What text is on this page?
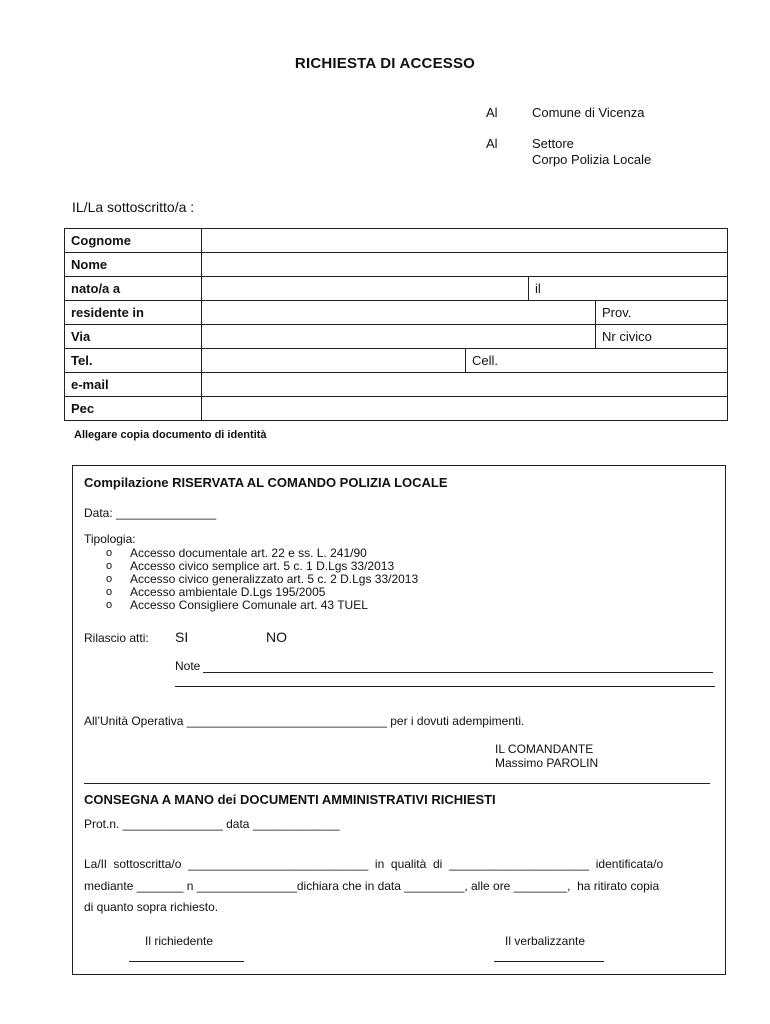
RICHIESTA DI ACCESSO
Al	Comune di Vicenza
Al	Settore
Corpo Polizia Locale
IL/La sottoscritto/a :
Cognome				
Nome				
nato/a a			il	
residente in				Prov.
Via				Nr civico
Tel.		Cell.		
e-mail				
Pec				
Allegare copia documento di identità
Compilazione RISERVATA AL COMANDO POLIZIA LOCALE
Data: _______________
Tipologia:
o Accesso documentale art. 22 e ss. L. 241/90
o Accesso civico semplice art. 5 c. 1 D.Lgs 33/2013
o Accesso civico generalizzato art. 5 c. 2 D.Lgs 33/2013
o Accesso ambientale D.Lgs 195/2005
o Accesso Consigliere Comunale art. 43 TUEL
Rilascio atti: SI	NO
Note
All’Unità Operativa ______________________________ per i dovuti adempimenti.
IL COMANDANTE
Massimo PAROLIN
CONSEGNA A MANO dei DOCUMENTI AMMINISTRATIVI RICHIESTI
Prot.n. _______________ data _____________
La/Il  sottoscritta/o  ___________________________  in  qualità  di  _____________________  identificata/o
mediante _______ n _______________dichiara che in data _________, alle ore ________,  ha ritirato copia
di quanto sopra richiesto.
Il richiedente	Il verbalizzante
